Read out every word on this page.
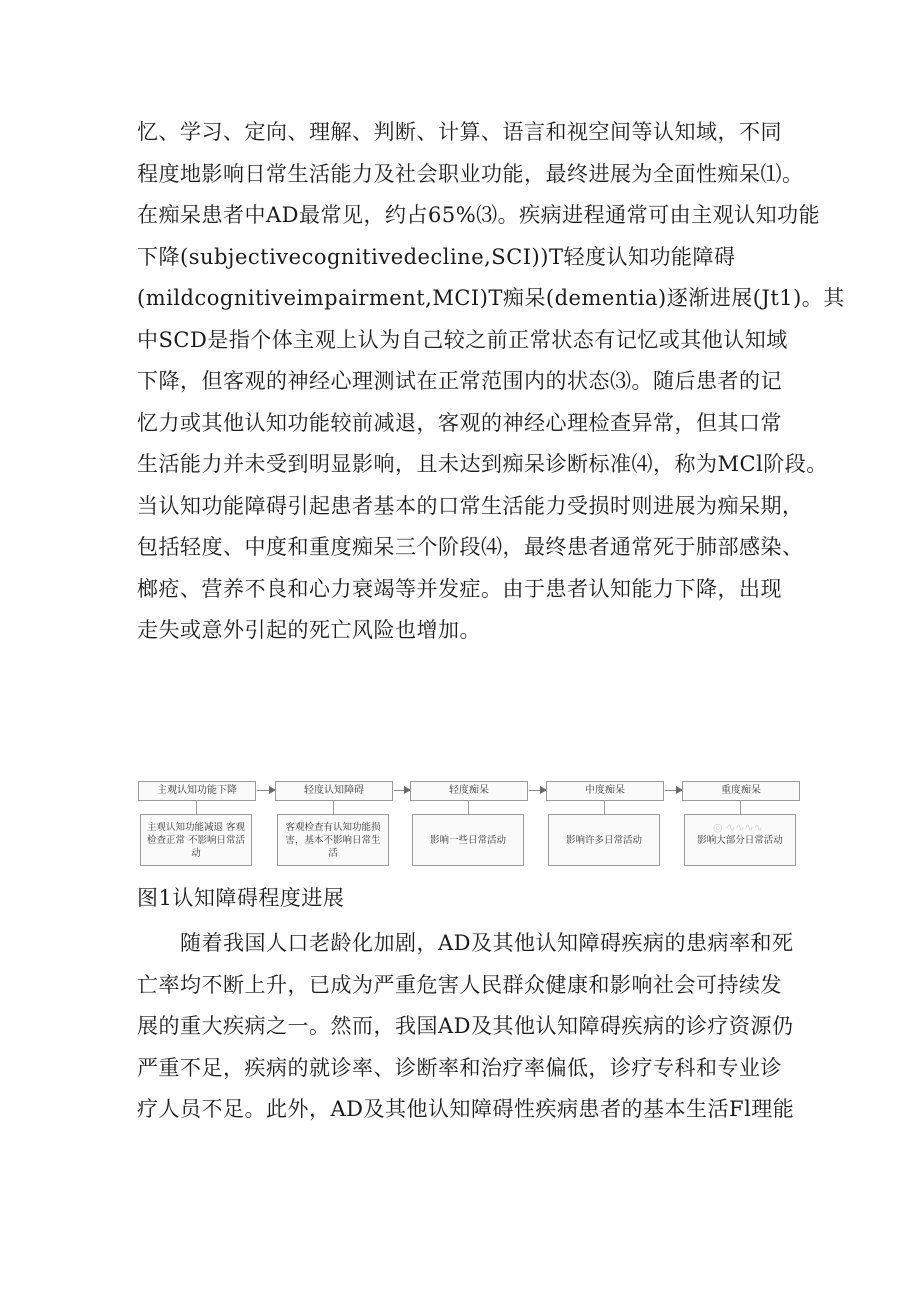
忆、学习、定向、理解、判断、计算、语言和视空间等认知域，不同
程度地影响日常生活能力及社会职业功能，最终进展为全面性痴呆⑴。
在痴呆患者中AD最常见，约占65%⑶。疾病进程通常可由主观认知功能
下降(subjectivecognitivedecline,SCI))T轻度认知功能障碍
(mildcognitiveimpairment,MCI)T痴呆(dementia)逐渐进展(Jt1)。其
中SCD是指个体主观上认为自己较之前正常状态有记忆或其他认知域
下降，但客观的神经心理测试在正常范围内的状态⑶。随后患者的记
忆力或其他认知功能较前减退，客观的神经心理检查异常，但其口常
生活能力并未受到明显影响，且未达到痴呆诊断标准⑷，称为MCl阶段。
当认知功能障碍引起患者基本的口常生活能力受损时则进展为痴呆期，
包括轻度、中度和重度痴呆三个阶段⑷，最终患者通常死于肺部感染、
榔疮、营养不良和心力衰竭等并发症。由于患者认知能力下降，出现
走失或意外引起的死亡风险也增加。

主观认知功能下降
主观认知功能减退 客观检查正常 不影响日常活动
轻度认知障碍
客观检查有认知功能损害，基本不影响日常生活
轻度痴呆
影响一些日常活动
中度痴呆
影响许多日常活动
重度痴呆
影响大部分日常活动
◎ ∿∿∿∿

图1认知障碍程度进展

　　随着我国人口老龄化加剧，AD及其他认知障碍疾病的患病率和死
亡率均不断上升，已成为严重危害人民群众健康和影响社会可持续发
展的重大疾病之一。然而，我国AD及其他认知障碍疾病的诊疗资源仍
严重不足，疾病的就诊率、诊断率和治疗率偏低，诊疗专科和专业诊
疗人员不足。此外，AD及其他认知障碍性疾病患者的基本生活Fl理能
